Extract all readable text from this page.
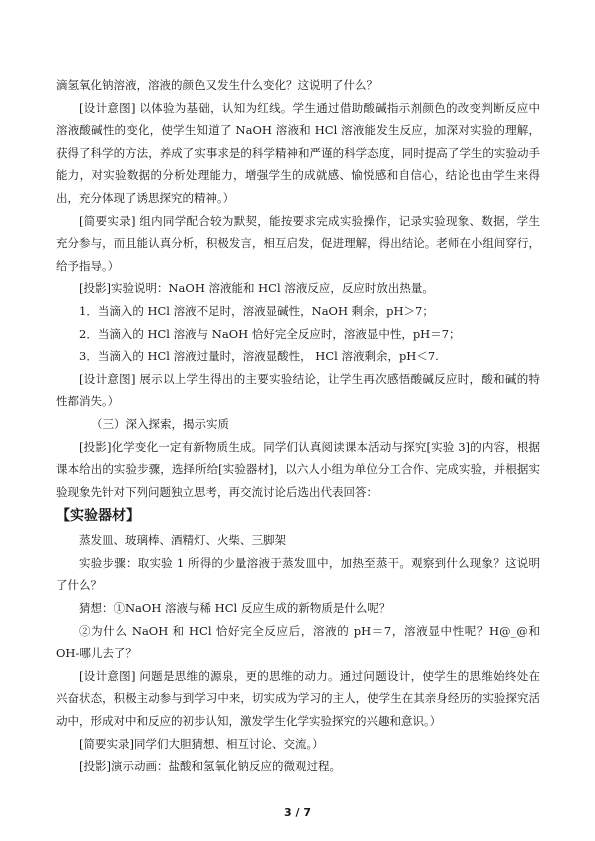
滴氢氧化钠溶液，溶液的颜色又发生什么变化？这说明了什么？

[设计意图] 以体验为基础，认知为红线。学生通过借助酸碱指示剂颜色的改变判断反应中溶液酸碱性的变化，使学生知道了 NaOH 溶液和 HCl 溶液能发生反应，加深对实验的理解，获得了科学的方法，养成了实事求是的科学精神和严谨的科学态度，同时提高了学生的实验动手能力，对实验数据的分析处理能力，增强学生的成就感、愉悦感和自信心，结论也由学生来得出，充分体现了诱思探究的精神。）

[简要实录] 组内同学配合较为默契，能按要求完成实验操作，记录实验现象、数据，学生充分参与，而且能认真分析，积极发言，相互启发，促进理解，得出结论。老师在小组间穿行，给予指导。）

[投影]实验说明：NaOH 溶液能和 HCl 溶液反应，反应时放出热量。

1．当滴入的 HCl 溶液不足时，溶液显碱性，NaOH 剩余，pH＞7；

2．当滴入的 HCl 溶液与 NaOH 恰好完全反应时，溶液显中性，pH＝7；

3．当滴入的 HCl 溶液过量时，溶液显酸性， HCl 溶液剩余，pH＜7.

[设计意图] 展示以上学生得出的主要实验结论，让学生再次感悟酸碱反应时，酸和碱的特性都消失。）

（三）深入探索，揭示实质

[投影]化学变化一定有新物质生成。同学们认真阅读课本活动与探究[实验 3]的内容，根据课本给出的实验步骤，选择所给[实验器材]，以六人小组为单位分工合作、完成实验，并根据实验现象先针对下列问题独立思考，再交流讨论后选出代表回答：

【实验器材】

蒸发皿、玻璃棒、酒精灯、火柴、三脚架

实验步骤：取实验 1 所得的少量溶液于蒸发皿中，加热至蒸干。观察到什么现象？这说明了什么？

猜想：①NaOH 溶液与稀 HCl 反应生成的新物质是什么呢？

②为什么 NaOH 和 HCl 恰好完全反应后，溶液的 pH＝7，溶液显中性呢？H@_@和 OH-哪儿去了？

[设计意图] 问题是思维的源泉，更的思维的动力。通过问题设计，使学生的思维始终处在兴奋状态，积极主动参与到学习中来，切实成为学习的主人，使学生在其亲身经历的实验探究活动中，形成对中和反应的初步认知，激发学生化学实验探究的兴趣和意识。）

[简要实录]同学们大胆猜想、相互讨论、交流。）

[投影]演示动画：盐酸和氢氧化钠反应的微观过程。

3 / 7
